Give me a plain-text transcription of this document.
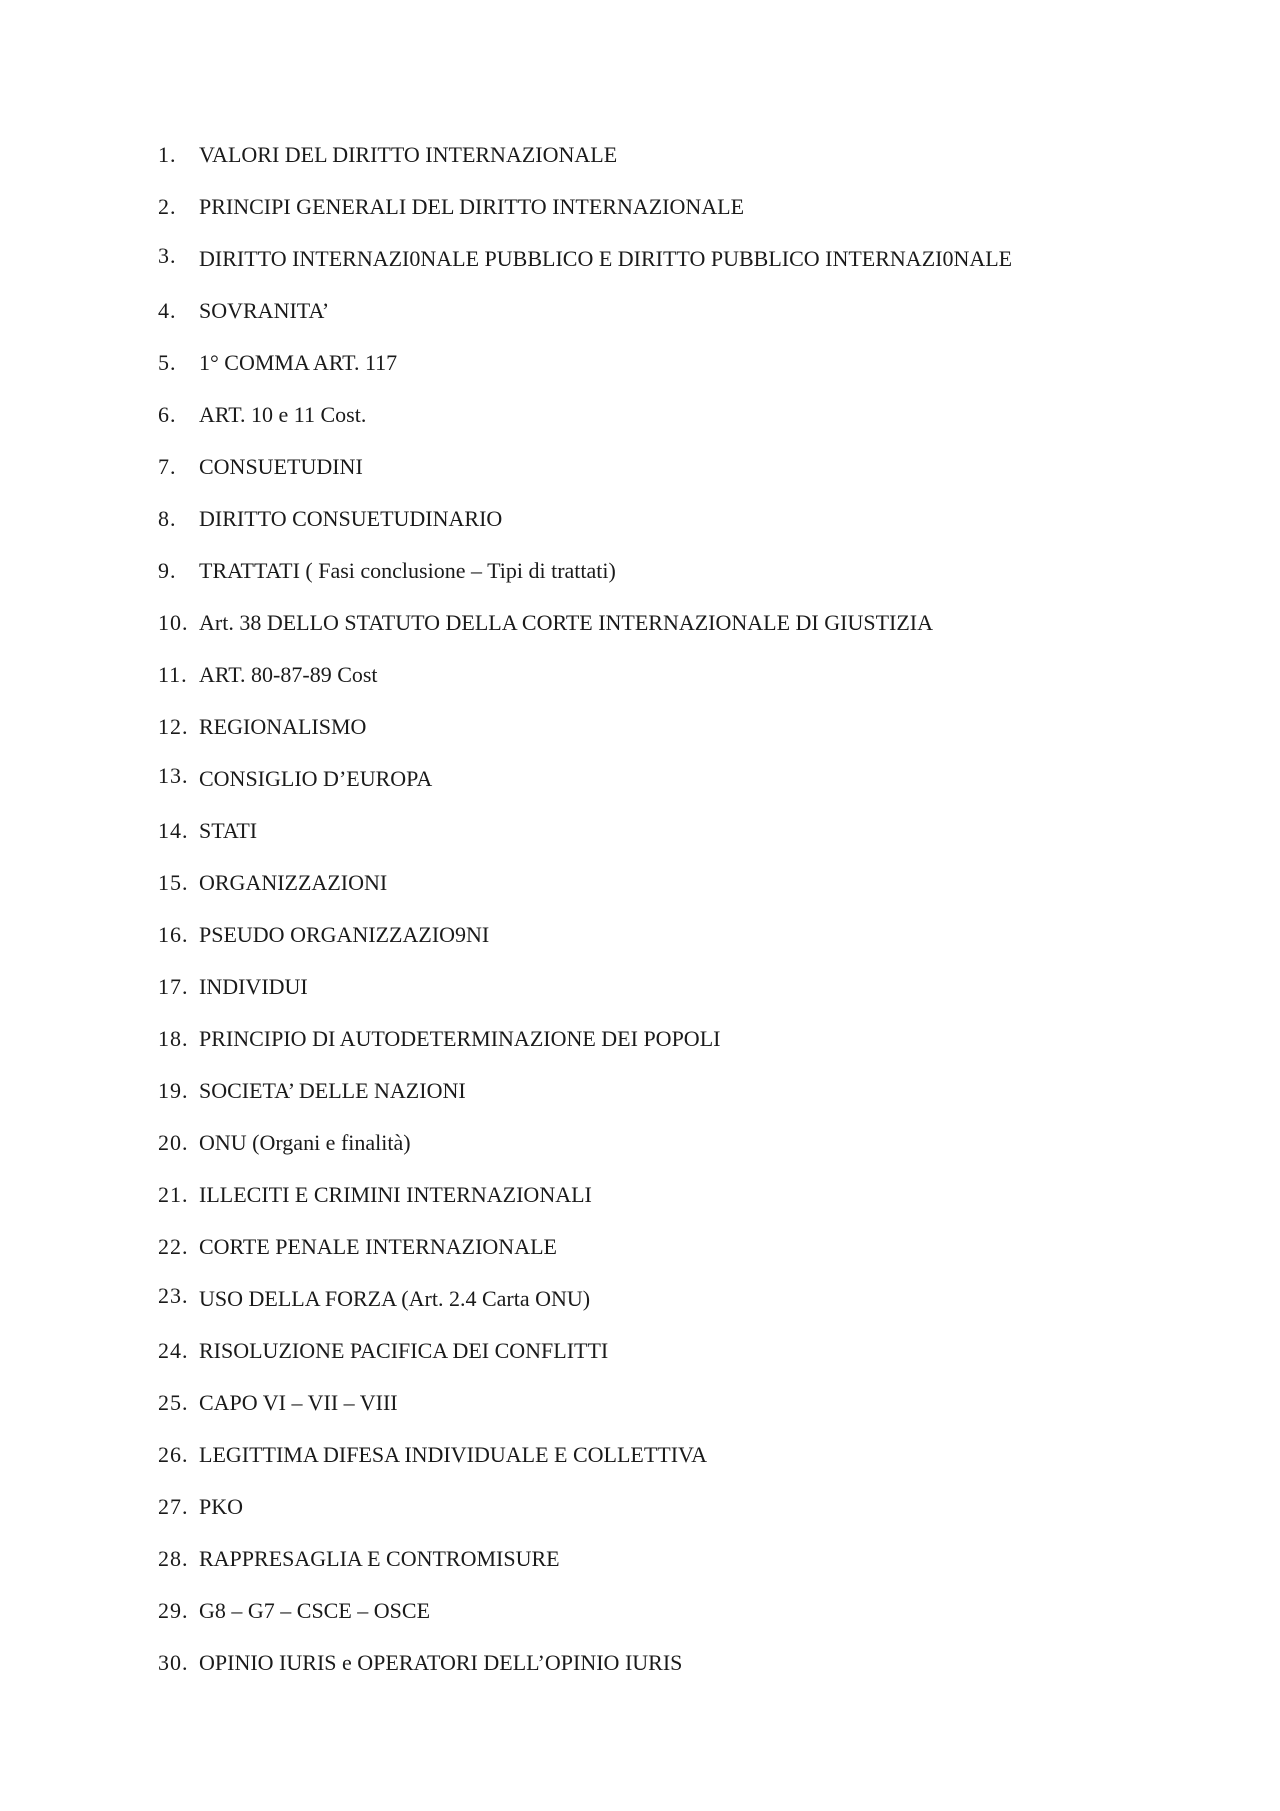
1.	VALORI DEL DIRITTO INTERNAZIONALE
2.	PRINCIPI GENERALI DEL DIRITTO INTERNAZIONALE
3.	DIRITTO INTERNAZI0NALE PUBBLICO E DIRITTO PUBBLICO INTERNAZI0NALE
4.	SOVRANITA’
5.	1° COMMA ART. 117
6.	ART. 10 e 11 Cost.
7.	CONSUETUDINI
8.	DIRITTO CONSUETUDINARIO
9.	TRATTATI ( Fasi conclusione – Tipi di trattati)
10. Art. 38 DELLO STATUTO DELLA CORTE INTERNAZIONALE DI GIUSTIZIA
11. ART. 80-87-89 Cost
12. REGIONALISMO
13. CONSIGLIO D’EUROPA
14. STATI
15. ORGANIZZAZIONI
16. PSEUDO ORGANIZZAZIO9NI
17. INDIVIDUI
18. PRINCIPIO DI AUTODETERMINAZIONE DEI POPOLI
19. SOCIETA’ DELLE NAZIONI
20. ONU (Organi e finalità)
21. ILLECITI E CRIMINI INTERNAZIONALI
22. CORTE PENALE INTERNAZIONALE
23. USO DELLA FORZA (Art. 2.4 Carta ONU)
24. RISOLUZIONE PACIFICA DEI CONFLITTI
25. CAPO VI – VII – VIII
26. LEGITTIMA DIFESA INDIVIDUALE E COLLETTIVA
27. PKO
28. RAPPRESAGLIA E CONTROMISURE
29. G8 – G7 – CSCE – OSCE
30. OPINIO IURIS e OPERATORI DELL’OPINIO IURIS
